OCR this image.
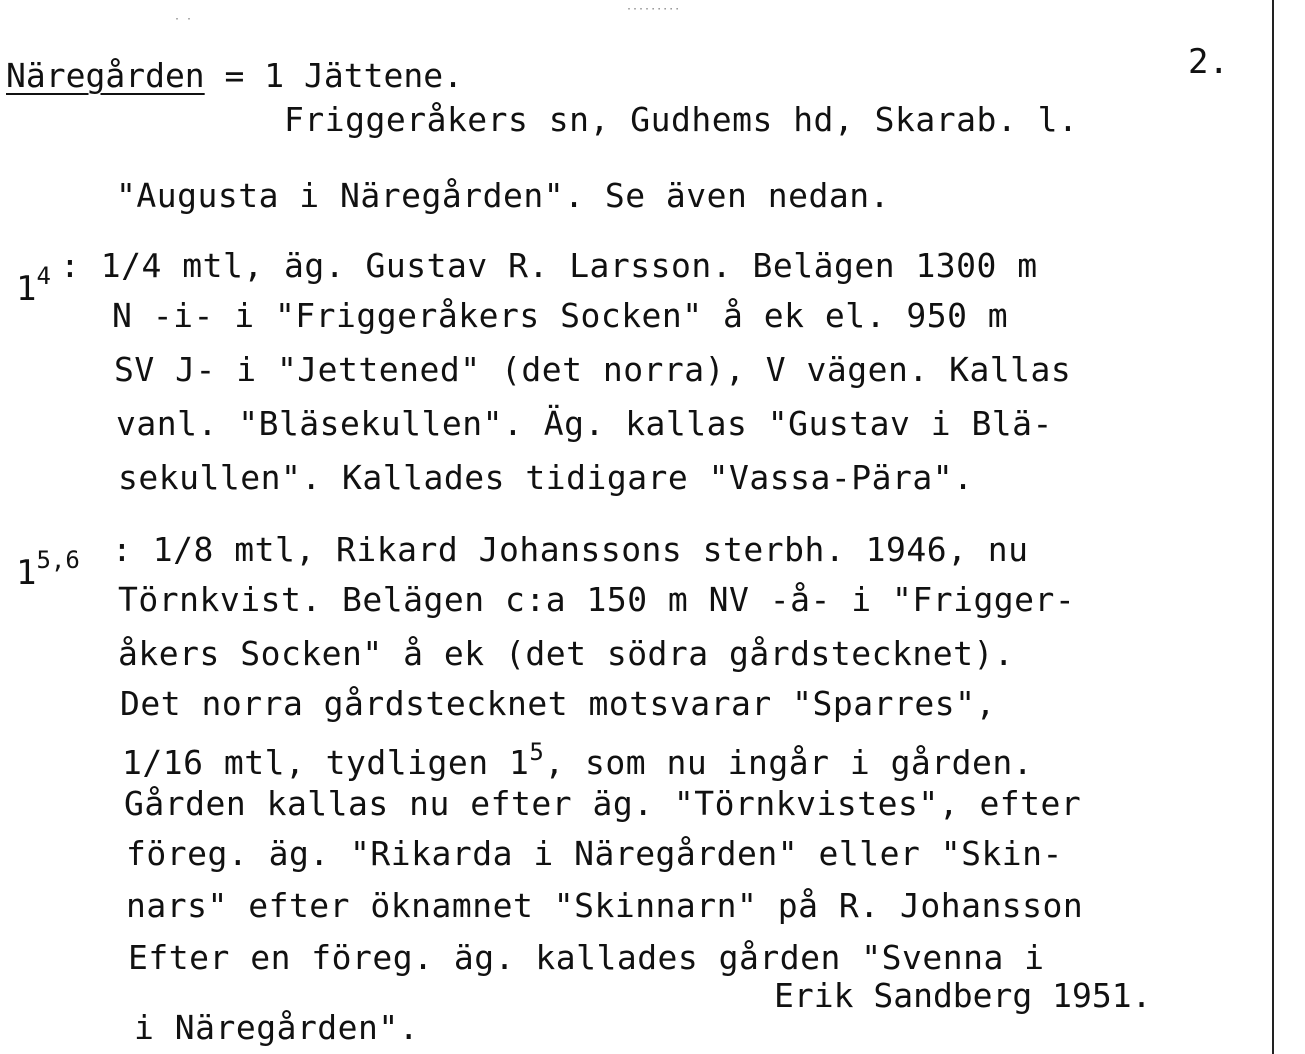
· ·
·········
Näregården = 1 Jättene.	2.
Friggeråkers sn, Gudhems hd, Skarab. l.
"Augusta i Näregården". Se även nedan.
$1^4$ : 1/4 mtl, äg. Gustav R. Larsson. Belägen 1300 m
N -i- i "Friggeråkers Socken" å ek el. 950 m
SV J- i "Jettened" (det norra), V vägen. Kallas
vanl. "Bläsekullen". Äg. kallas "Gustav i Blä-
sekullen". Kallades tidigare "Vassa-Pära".
1$^{5,6}$ : 1/8 mtl, Rikard Johanssons sterbh. 1946, nu
Törnkvist. Belägen c:a 150 m NV -å- i "Frigger-
åkers Socken" å ek (det södra gårdstecknet).
Det norra gårdstecknet motsvarar "Sparres",
1/16 mtl, tydligen $1^5$, som nu ingår i gården.
Gården kallas nu efter äg. "Törnkvistes", efter
föreg. äg. "Rikarda i Näregården" eller "Skin-
nars" efter öknamnet "Skinnarn" på R. Johansson
Efter en föreg. äg. kallades gården "Svenna i
i Näregården".
Erik Sandberg 1951.
